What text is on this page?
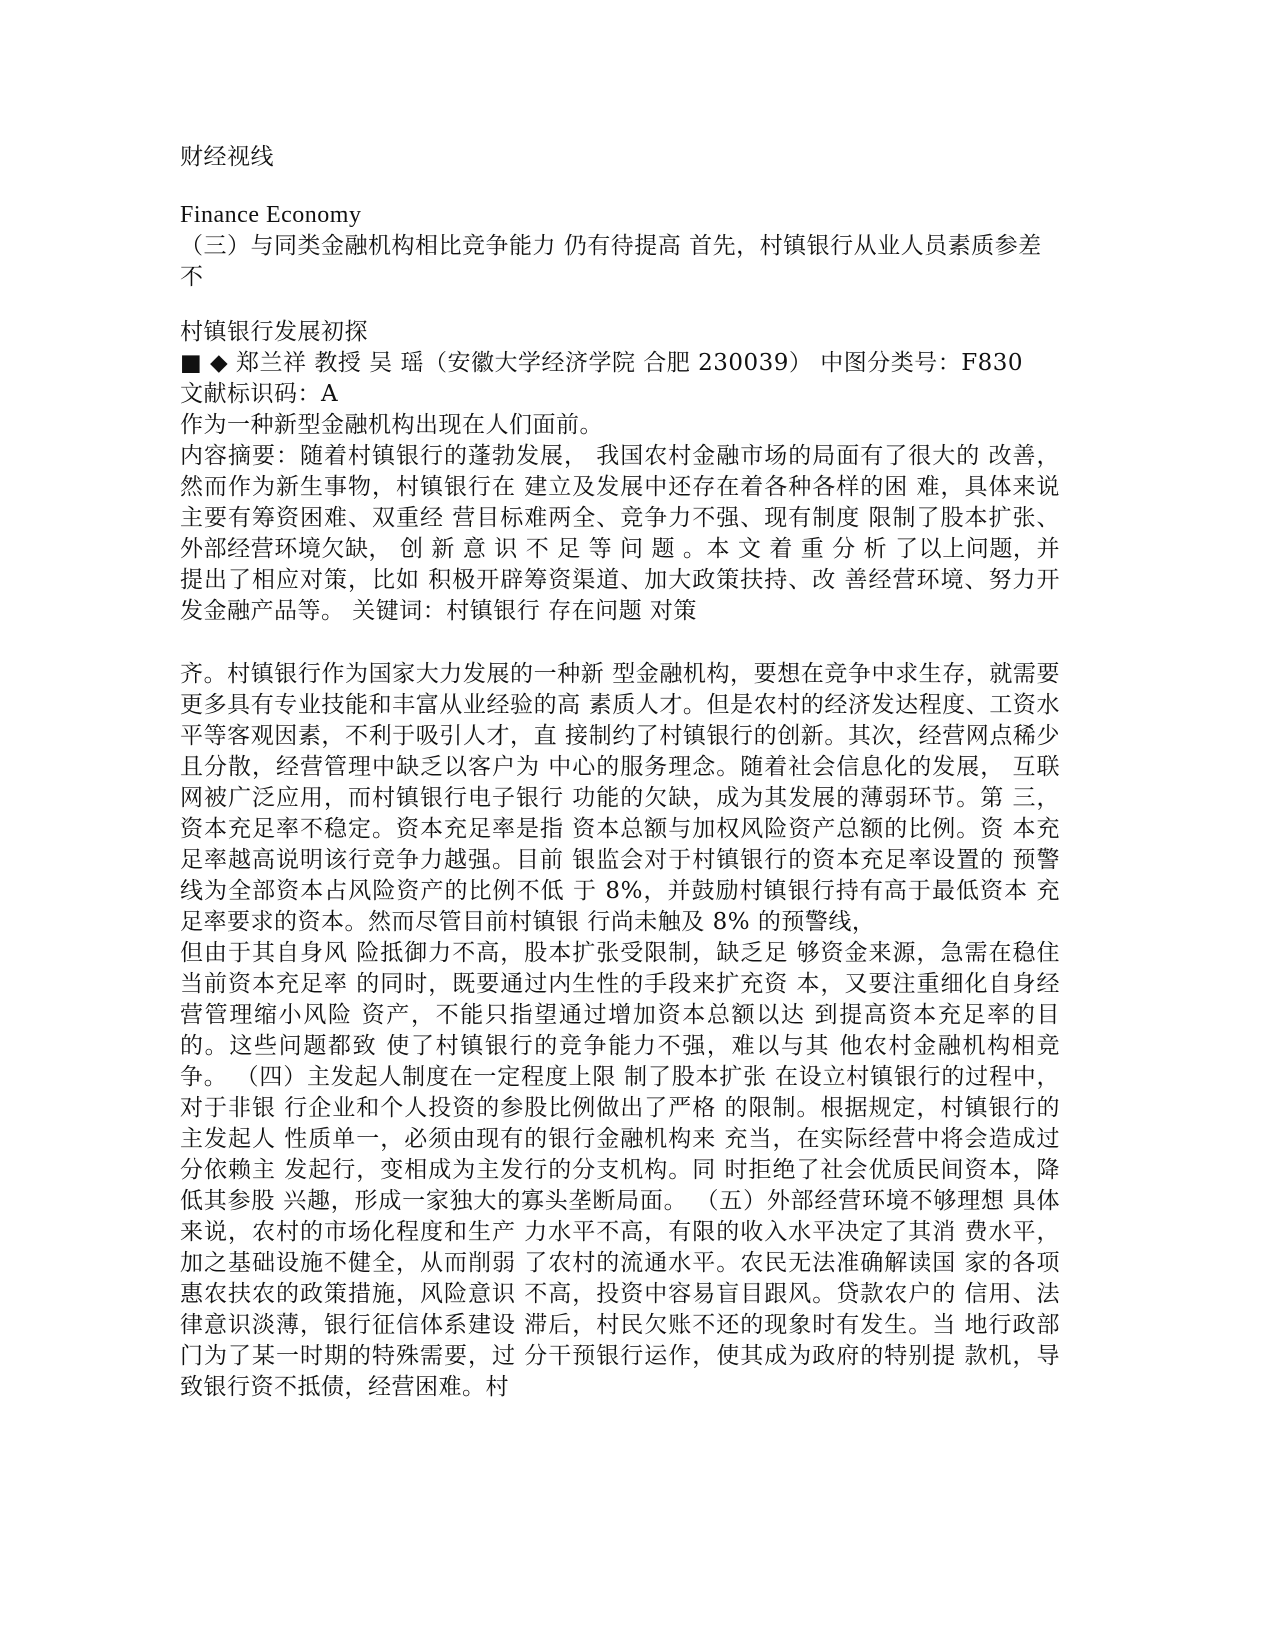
财经视线
Finance Economy
（三）与同类金融机构相比竞争能力 仍有待提高 首先，村镇银行从业人员素质参差不
村镇银行发展初探
■ ◆ 郑兰祥 教授 吴 瑶（安徽大学经济学院 合肥 230039） 中图分类号：F830
文献标识码：A
作为一种新型金融机构出现在人们面前。
内容摘要：随着村镇银行的蓬勃发展， 我国农村金融市场的局面有了很大的 改善，然而作为新生事物，村镇银行在 建立及发展中还存在着各种各样的困 难，具体来说主要有筹资困难、双重经 营目标难两全、竞争力不强、现有制度 限制了股本扩张、外部经营环境欠缺， 创 新 意 识 不 足 等 问 题 。本 文 着 重 分 析 了以上问题，并提出了相应对策，比如 积极开辟筹资渠道、加大政策扶持、改 善经营环境、努力开发金融产品等。 关键词：村镇银行 存在问题 对策
齐。村镇银行作为国家大力发展的一种新 型金融机构，要想在竞争中求生存，就需要更多具有专业技能和丰富从业经验的高 素质人才。但是农村的经济发达程度、工资水平等客观因素，不利于吸引人才，直 接制约了村镇银行的创新。其次，经营网点稀少且分散，经营管理中缺乏以客户为 中心的服务理念。随着社会信息化的发展， 互联网被广泛应用，而村镇银行电子银行 功能的欠缺，成为其发展的薄弱环节。第 三，资本充足率不稳定。资本充足率是指 资本总额与加权风险资产总额的比例。资 本充足率越高说明该行竞争力越强。目前 银监会对于村镇银行的资本充足率设置的 预警线为全部资本占风险资产的比例不低 于 8%，并鼓励村镇银行持有高于最低资本 充足率要求的资本。然而尽管目前村镇银 行尚未触及 8% 的预警线，
但由于其自身风 险抵御力不高，股本扩张受限制，缺乏足 够资金来源，急需在稳住当前资本充足率 的同时，既要通过内生性的手段来扩充资 本，又要注重细化自身经营管理缩小风险 资产，不能只指望通过增加资本总额以达 到提高资本充足率的目的。这些问题都致 使了村镇银行的竞争能力不强，难以与其 他农村金融机构相竞争。 （四）主发起人制度在一定程度上限 制了股本扩张 在设立村镇银行的过程中，对于非银 行企业和个人投资的参股比例做出了严格 的限制。根据规定，村镇银行的主发起人 性质单一，必须由现有的银行金融机构来 充当，在实际经营中将会造成过分依赖主 发起行，变相成为主发行的分支机构。同 时拒绝了社会优质民间资本，降低其参股 兴趣，形成一家独大的寡头垄断局面。 （五）外部经营环境不够理想 具体来说，农村的市场化程度和生产 力水平不高，有限的收入水平决定了其消 费水平，加之基础设施不健全，从而削弱 了农村的流通水平。农民无法准确解读国 家的各项惠农扶农的政策措施，风险意识 不高，投资中容易盲目跟风。贷款农户的 信用、法律意识淡薄，银行征信体系建设 滞后，村民欠账不还的现象时有发生。当 地行政部门为了某一时期的特殊需要，过 分干预银行运作，使其成为政府的特别提 款机，导致银行资不抵债，经营困难。村
